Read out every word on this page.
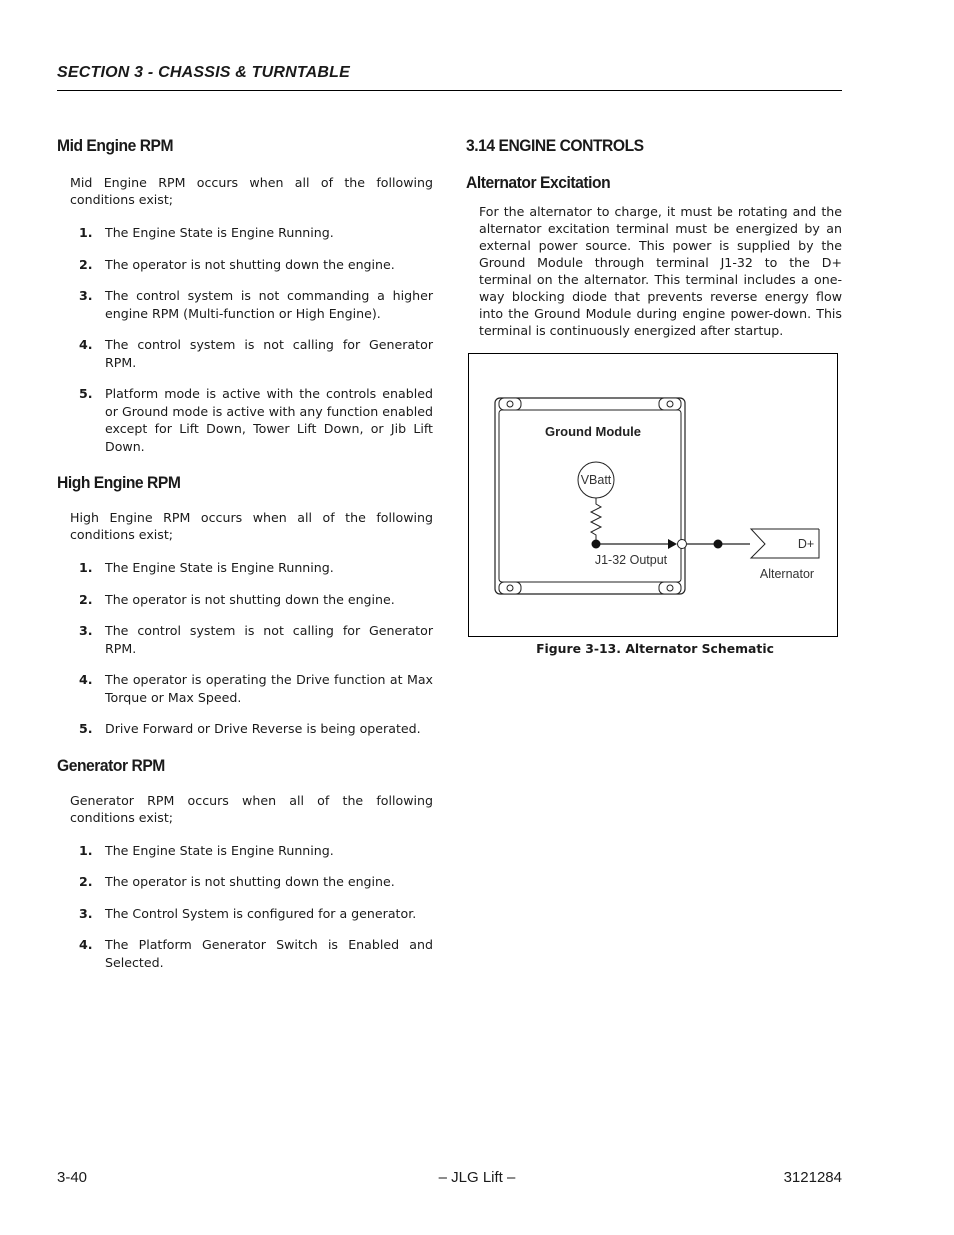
SECTION 3 - CHASSIS & TURNTABLE
Mid Engine RPM

Mid Engine RPM occurs when all of the following conditions exist;

1. The Engine State is Engine Running.
2. The operator is not shutting down the engine.
3. The control system is not commanding a higher engine RPM (Multi-function or High Engine).
4. The control system is not calling for Generator RPM.
5. Platform mode is active with the controls enabled or Ground mode is active with any function enabled except for Lift Down, Tower Lift Down, or Jib Lift Down.
High Engine RPM

High Engine RPM occurs when all of the following conditions exist;

1. The Engine State is Engine Running.
2. The operator is not shutting down the engine.
3. The control system is not calling for Generator RPM.
4. The operator is operating the Drive function at Max Torque or Max Speed.
5. Drive Forward or Drive Reverse is being operated.
Generator RPM

Generator RPM occurs when all of the following conditions exist;

1. The Engine State is Engine Running.
2. The operator is not shutting down the engine.
3. The Control System is configured for a generator.
4. The Platform Generator Switch is Enabled and Selected.
3.14 ENGINE CONTROLS
Alternator Excitation

For the alternator to charge, it must be rotating and the alternator excitation terminal must be energized by an external power source. This power is supplied by the Ground Module through terminal J1-32 to the D+ terminal on the alternator. This terminal includes a one-way blocking diode that prevents reverse energy flow into the Ground Module during engine power-down. This terminal is continuously energized after startup.

Ground Module
VBatt
J1-32 Output
D+
Alternator
Figure 3-13. Alternator Schematic
3-40	– JLG Lift –	3121284
